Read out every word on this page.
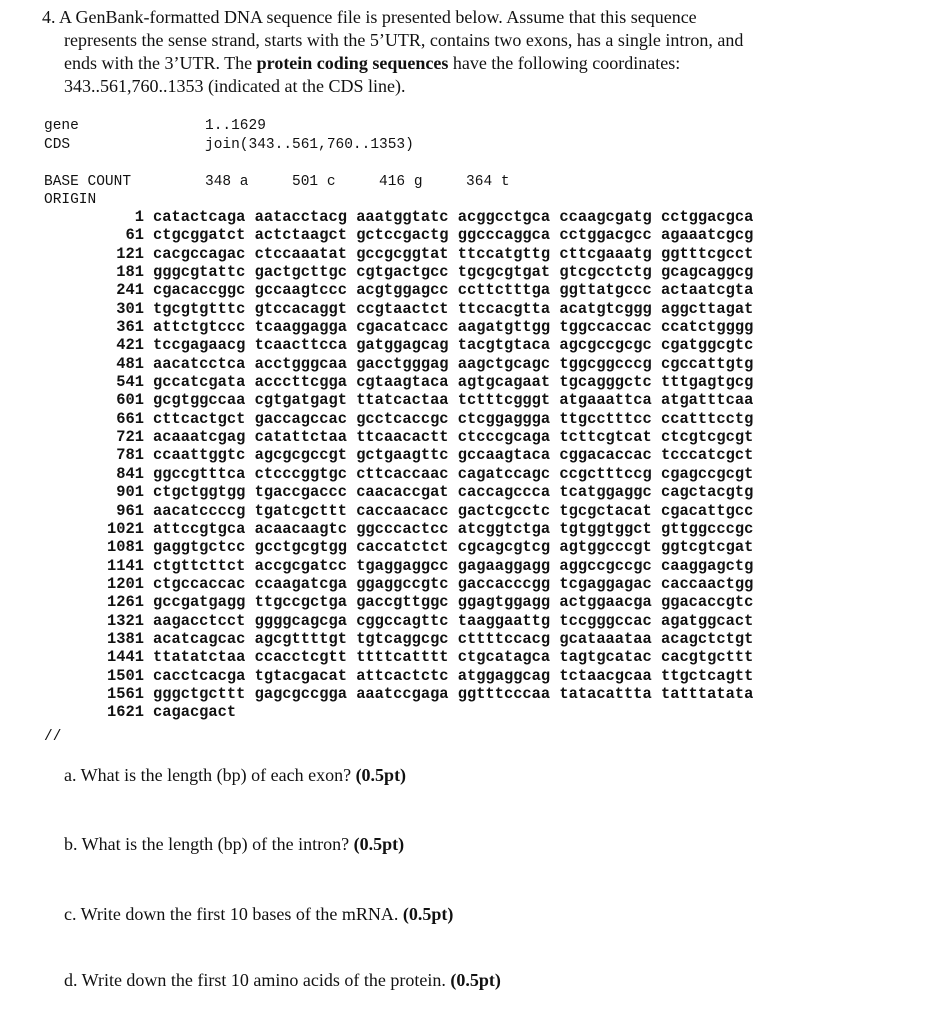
4. A GenBank-formatted DNA sequence file is presented below. Assume that this sequence
represents the sense strand, starts with the 5’UTR, contains two exons, has a single intron, and
ends with the 3’UTR. The protein coding sequences have the following coordinates:
343..561,760..1353 (indicated at the CDS line).
gene	1..1629
CDS	join(343..561,760..1353)
BASE COUNT	348 a     501 c     416 g     364 t
ORIGIN
1 catactcaga aatacctacg aaatggtatc acggcctgca ccaagcgatg cctggacgca
61 ctgcggatct actctaagct gctccgactg ggcccaggca cctggacgcc agaaatcgcg
121 cacgccagac ctccaaatat gccgcggtat ttccatgttg cttcgaaatg ggtttcgcct
181 gggcgtattc gactgcttgc cgtgactgcc tgcgcgtgat gtcgcctctg gcagcaggcg
241 cgacaccggc gccaagtccc acgtggagcc ccttctttga ggttatgccc actaatcgta
301 tgcgtgtttc gtccacaggt ccgtaactct ttccacgtta acatgtcggg aggcttagat
361 attctgtccc tcaaggagga cgacatcacc aagatgttgg tggccaccac ccatctgggg
421 tccgagaacg tcaacttcca gatggagcag tacgtgtaca agcgccgcgc cgatggcgtc
481 aacatcctca acctgggcaa gacctgggag aagctgcagc tggcggcccg cgccattgtg
541 gccatcgata acccttcgga cgtaagtaca agtgcagaat tgcagggctc tttgagtgcg
601 gcgtggccaa cgtgatgagt ttatcactaa tctttcgggt atgaaattca atgatttcaa
661 cttcactgct gaccagccac gcctcaccgc ctcggaggga ttgcctttcc ccatttcctg
721 acaaatcgag catattctaa ttcaacactt ctcccgcaga tcttcgtcat ctcgtcgcgt
781 ccaattggtc agcgcgccgt gctgaagttc gccaagtaca cggacaccac tcccatcgct
841 ggccgtttca ctcccggtgc cttcaccaac cagatccagc ccgctttccg cgagccgcgt
901 ctgctggtgg tgaccgaccc caacaccgat caccagccca tcatggaggc cagctacgtg
961 aacatccccg tgatcgcttt caccaacacc gactcgcctc tgcgctacat cgacattgcc
1021 attccgtgca acaacaagtc ggcccactcc atcggtctga tgtggtggct gttggcccgc
1081 gaggtgctcc gcctgcgtgg caccatctct cgcagcgtcg agtggcccgt ggtcgtcgat
1141 ctgttcttct accgcgatcc tgaggaggcc gagaaggagg aggccgccgc caaggagctg
1201 ctgccaccac ccaagatcga ggaggccgtc gaccacccgg tcgaggagac caccaactgg
1261 gccgatgagg ttgccgctga gaccgttggc ggagtggagg actggaacga ggacaccgtc
1321 aagacctcct ggggcagcga cggccagttc taaggaattg tccgggccac agatggcact
1381 acatcagcac agcgttttgt tgtcaggcgc cttttccacg gcataaataa acagctctgt
1441 ttatatctaa ccacctcgtt ttttcatttt ctgcatagca tagtgcatac cacgtgcttt
1501 cacctcacga tgtacgacat attcactctc atggaggcag tctaacgcaa ttgctcagtt
1561 gggctgcttt gagcgccgga aaatccgaga ggtttcccaa tatacattta tatttatata
1621 cagacgact
//
a. What is the length (bp) of each exon? (0.5pt)
b. What is the length (bp) of the intron? (0.5pt)
c. Write down the first 10 bases of the mRNA. (0.5pt)
d. Write down the first 10 amino acids of the protein. (0.5pt)
